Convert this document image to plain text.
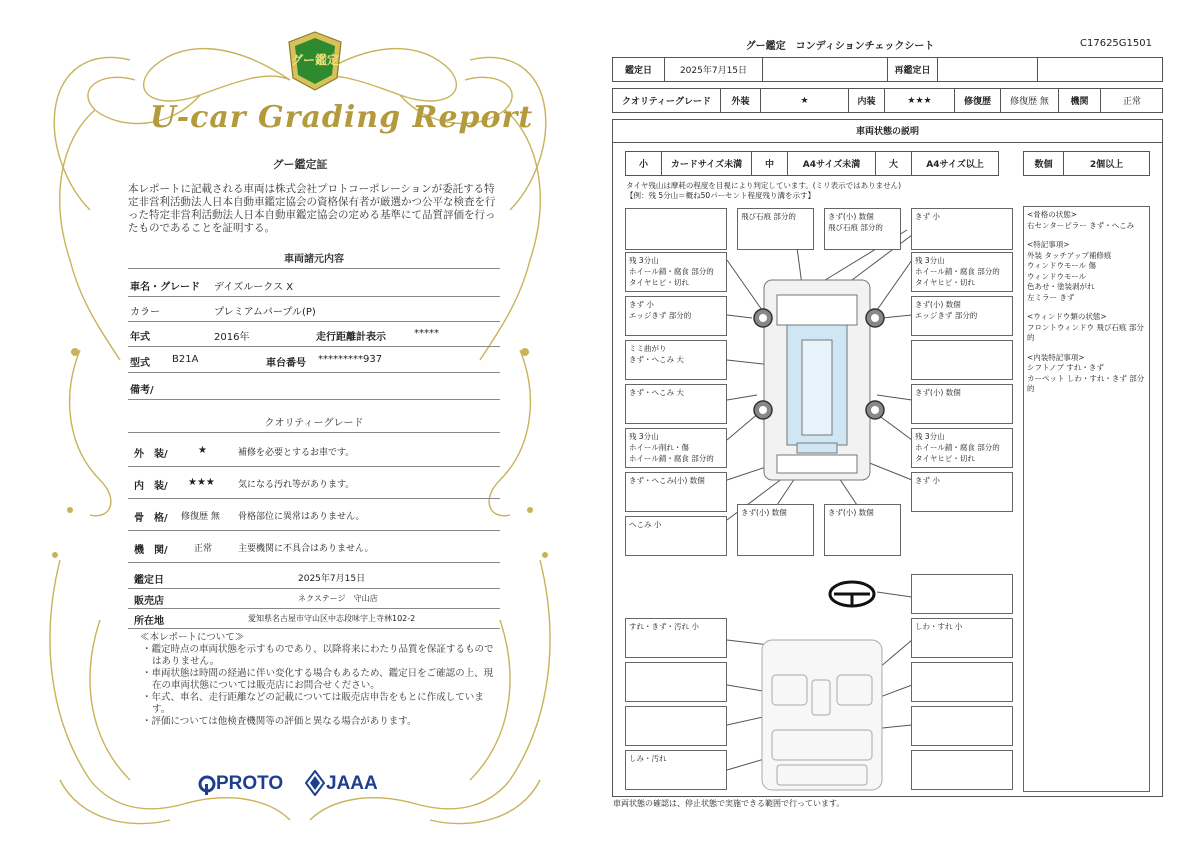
グー鑑定
U-car Grading Report
グー鑑定証
本レポートに記載される車両は株式会社プロトコーポレーションが委託する特定非営利活動法人日本自動車鑑定協会の資格保有者が厳選かつ公平な検査を行った特定非営利活動法人日本自動車鑑定協会の定める基準にて品質評価を行ったものであることを証明する。
車両諸元内容
車名・グレード デイズルークス X
カラー	プレミアムパープル(P)
年式	2016年	走行距離計表示	*****
型式 B21A	車台番号 *********937
備考/
クオリティーグレード
外　装/	★	補修を必要とするお車です。
内　装/ ★★★	気になる汚れ等があります。
骨　格/ 修復歴 無 骨格部位に異常はありません。
機　関/	正常	主要機関に不具合はありません。
鑑定日	2025年7月15日
販売店	ネクステージ　守山店
所在地	愛知県名古屋市守山区中志段味字上寺林102-2
≪本レポートについて≫
・鑑定時点の車両状態を示すものであり、以降将来にわたり品質を保証するものではありません。
・車両状態は時間の経過に伴い変化する場合もあるため、鑑定日をご確認の上、現在の車両状態については販売店にお問合せください。
・年式、車名、走行距離などの記載については販売店申告をもとに作成しています。
・評価については他検査機関等の評価と異なる場合があります。
PROTO JAAA
グー鑑定　コンディションチェックシート	C17625G1501
鑑定日	2025年7月15日	再鑑定日
クオリティーグレード	外装	★	内装	★★★	修復歴	修復歴 無	機関	正常
車両状態の説明
小	カードサイズ未満	中	A4サイズ未満	大	A4サイズ以上	数個	2個以上
タイヤ残山は摩耗の程度を目視により判定しています。(ミリ表示ではありません)
【例：残 5分山＝概ね50パーセント程度残り溝を示す】
飛び石痕 部分的	きず(小) 数個
飛び石痕 部分的
きず 小
残 3分山
ホイール錆・腐食 部分的
タイヤヒビ・切れ
残 3分山
ホイール錆・腐食 部分的
タイヤヒビ・切れ
きず 小
エッジきず 部分的
きず(小) 数個
エッジきず 部分的
ミミ曲がり
きず・へこみ 大
きず・へこみ 大	きず(小) 数個
残 3分山
ホイール削れ・傷
ホイール錆・腐食 部分的
残 3分山
ホイール錆・腐食 部分的
タイヤヒビ・切れ
きず・へこみ(小) 数個	きず 小
へこみ 小
きず(小) 数個	きず(小) 数個
すれ・きず・汚れ 小	しわ・すれ 小
しみ・汚れ
<骨格の状態>
右センターピラー きず・へこみ
<特記事項>
外装 タッチアップ補修痕
ウィンドウモール 傷
ウィンドウモール
色あせ・塗装剥がれ
左ミラー きず
<ウィンドウ類の状態>
フロントウィンドウ 飛び石痕 部分的
<内装特記事項>
シフトノブ すれ・きず
カーペット しわ・すれ・きず 部分的
車両状態の確認は、停止状態で実施できる範囲で行っています。
